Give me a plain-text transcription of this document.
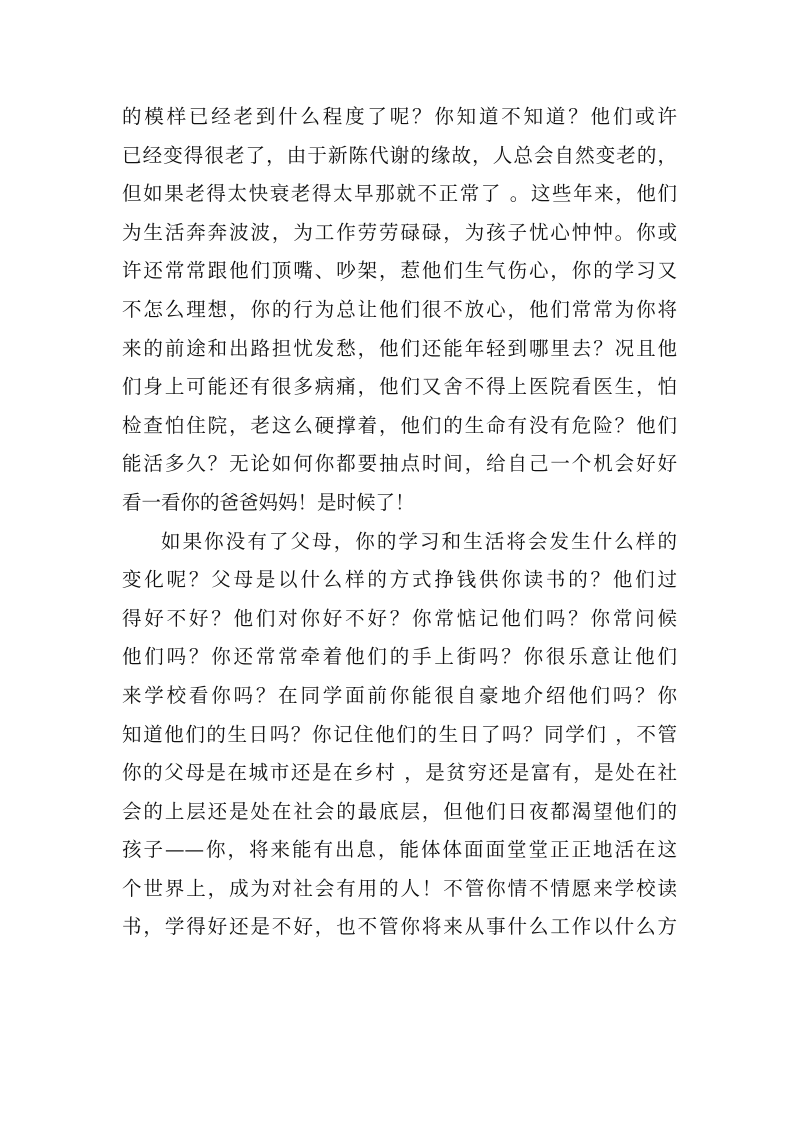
的模样已经老到什么程度了呢？你知道不知道？他们或许
已经变得很老了，由于新陈代谢的缘故，人总会自然变老的，
但如果老得太快衰老得太早那就不正常了 。这些年来，他们
为生活奔奔波波，为工作劳劳碌碌，为孩子忧心忡忡。你或
许还常常跟他们顶嘴、吵架，惹他们生气伤心，你的学习又
不怎么理想，你的行为总让他们很不放心，他们常常为你将
来的前途和出路担忧发愁，他们还能年轻到哪里去？况且他
们身上可能还有很多病痛，他们又舍不得上医院看医生，怕
检查怕住院，老这么硬撑着，他们的生命有没有危险？他们
能活多久？无论如何你都要抽点时间，给自己一个机会好好
看一看你的爸爸妈妈！是时候了！
如果你没有了父母，你的学习和生活将会发生什么样的
变化呢？父母是以什么样的方式挣钱供你读书的？他们过
得好不好？他们对你好不好？你常惦记他们吗？你常问候
他们吗？你还常常牵着他们的手上街吗？你很乐意让他们
来学校看你吗？在同学面前你能很自豪地介绍他们吗？你
知道他们的生日吗？你记住他们的生日了吗？同学们 ，不管
你的父母是在城市还是在乡村 ，是贫穷还是富有，是处在社
会的上层还是处在社会的最底层，但他们日夜都渴望他们的
孩子——你，将来能有出息，能体体面面堂堂正正地活在这
个世界上，成为对社会有用的人！不管你情不情愿来学校读
书，学得好还是不好，也不管你将来从事什么工作以什么方
